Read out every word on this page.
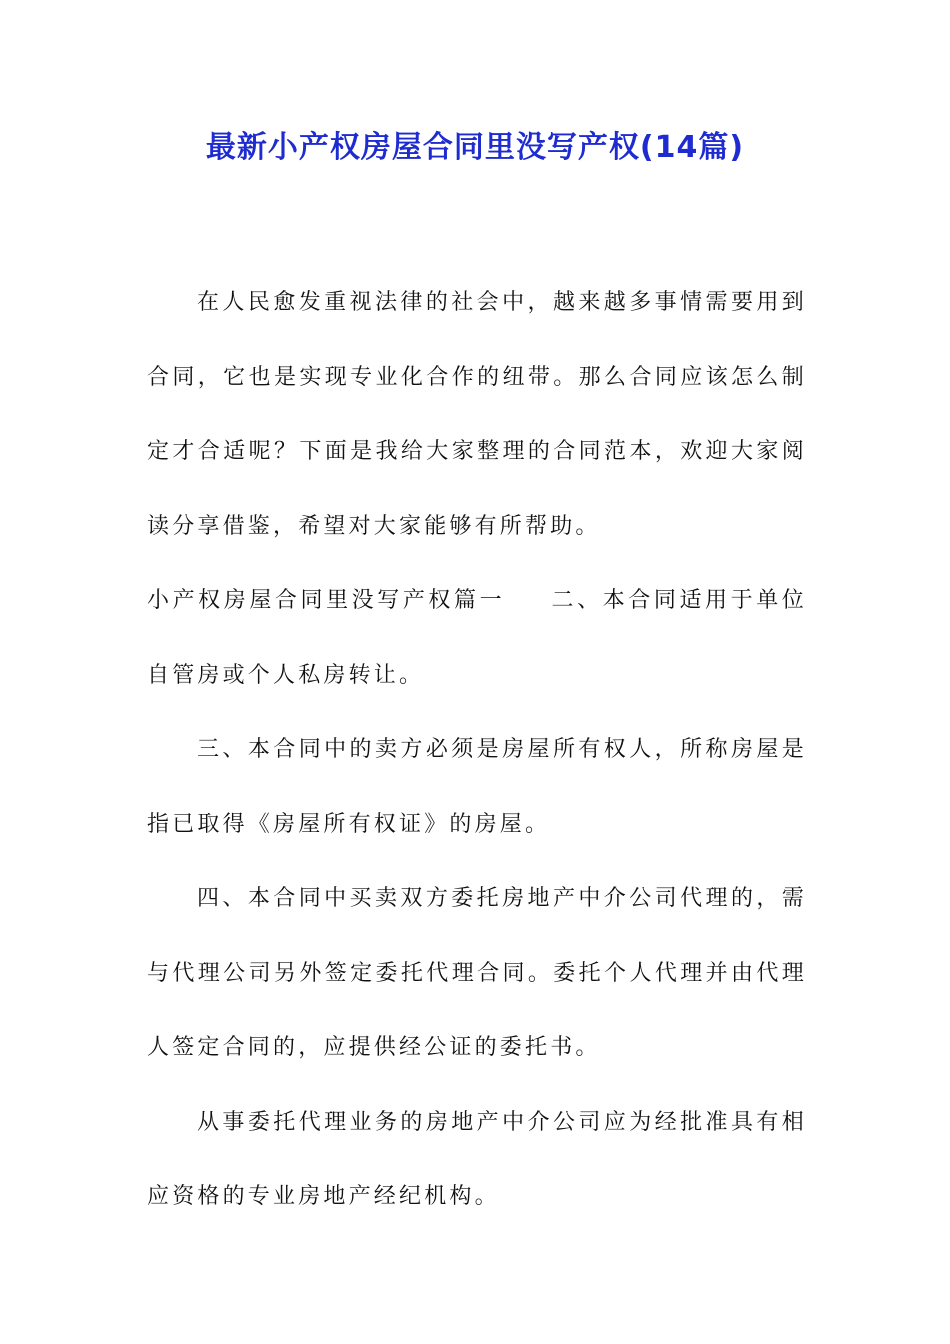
最新小产权房屋合同里没写产权(14篇)

在人民愈发重视法律的社会中，越来越多事情需要用到合同，它也是实现专业化合作的纽带。那么合同应该怎么制定才合适呢？下面是我给大家整理的合同范本，欢迎大家阅读分享借鉴，希望对大家能够有所帮助。

小产权房屋合同里没写产权篇一 二、本合同适用于单位自管房或个人私房转让。

三、本合同中的卖方必须是房屋所有权人，所称房屋是指已取得《房屋所有权证》的房屋。

四、本合同中买卖双方委托房地产中介公司代理的，需与代理公司另外签定委托代理合同。委托个人代理并由代理人签定合同的，应提供经公证的委托书。

从事委托代理业务的房地产中介公司应为经批准具有相应资格的专业房地产经纪机构。
